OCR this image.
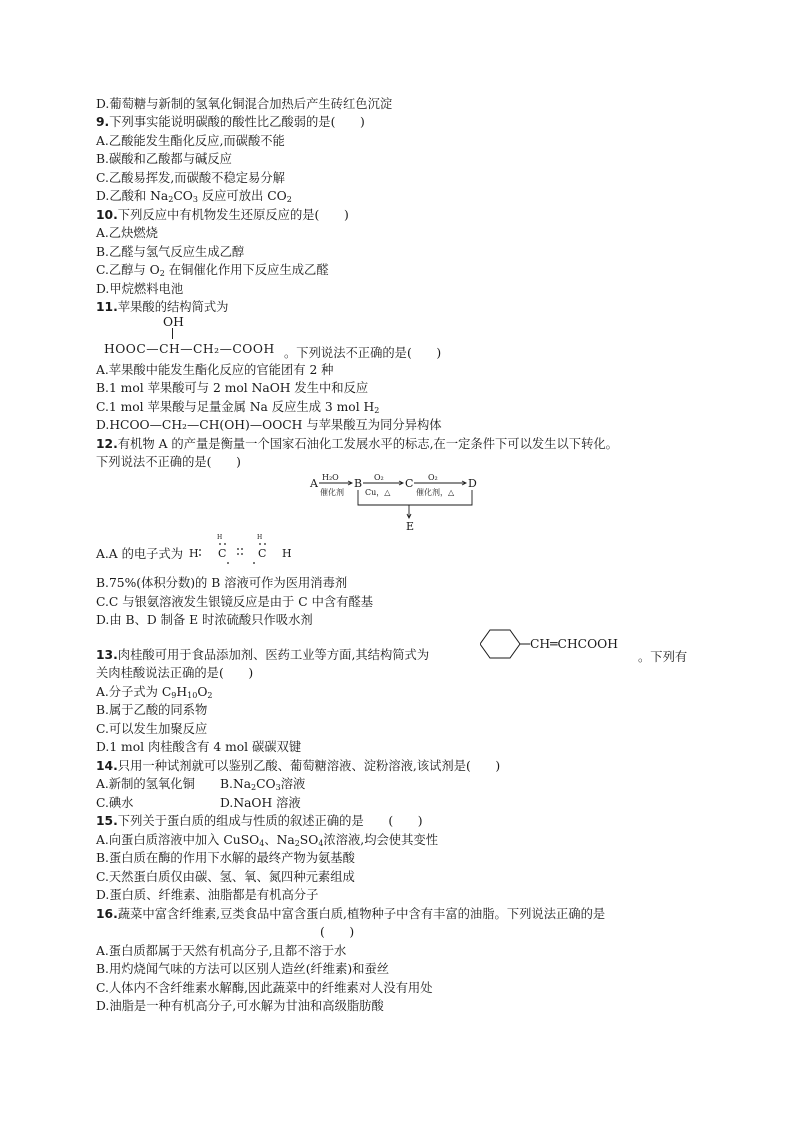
D.葡萄糖与新制的氢氧化铜混合加热后产生砖红色沉淀
9.下列事实能说明碳酸的酸性比乙酸弱的是(　　)
A.乙酸能发生酯化反应,而碳酸不能
B.碳酸和乙酸都与碱反应
C.乙酸易挥发,而碳酸不稳定易分解
D.乙酸和 $Na_2CO_3$ 反应可放出 $CO_2$
10.下列反应中有机物发生还原反应的是(　　)
A.乙炔燃烧
B.乙醛与氢气反应生成乙醇
C.乙醇与 $O_2$ 在铜催化作用下反应生成乙醛
D.甲烷燃料电池
11.苹果酸的结构简式为
OH
HOOC—CH—CH₂—COOH 。下列说法不正确的是(　　)
A.苹果酸中能发生酯化反应的官能团有 2 种
B.1 mol 苹果酸可与 2 mol NaOH 发生中和反应
C.1 mol 苹果酸与足量金属 Na 反应生成 3 mol $H_2$
D.HCOO—CH₂—CH(OH)—OOCH 与苹果酸互为同分异构体
12.有机物 A 的产量是衡量一个国家石油化工发展水平的标志,在一定条件下可以发生以下转化。
下列说法不正确的是(　　)
A H₂O
催化剂
B O₂
Cu，△
C O₂
催化剂，△
D
E
A.A 的电子式为 H C	C H
H	H
B.75%(体积分数)的 B 溶液可作为医用消毒剂
C.C 与银氨溶液发生银镜反应是由于 C 中含有醛基
D.由 B、D 制备 E 时浓硫酸只作吸水剂
13.肉桂酸可用于食品添加剂、医药工业等方面,其结构简式为
CH═CHCOOH
。下列有
关肉桂酸说法正确的是(　　)
A.分子式为 $C_9H_{10}O_2$
B.属于乙酸的同系物
C.可以发生加聚反应
D.1 mol 肉桂酸含有 4 mol 碳碳双键
14.只用一种试剂就可以鉴别乙酸、葡萄糖溶液、淀粉溶液,该试剂是(　　)
A.新制的氢氧化铜 $B.Na_2CO_3$溶液
C.碘水	D.NaOH 溶液
15.下列关于蛋白质的组成与性质的叙述正确的是　　(　　)
A.向蛋白质溶液中加入 CuSO$_4$、$Na_2SO_4$浓溶液,均会使其变性
B.蛋白质在酶的作用下水解的最终产物为氨基酸
C.天然蛋白质仅由碳、氢、氧、氮四种元素组成
D.蛋白质、纤维素、油脂都是有机高分子
16.蔬菜中富含纤维素,豆类食品中富含蛋白质,植物种子中含有丰富的油脂。下列说法正确的是
(　　)
A.蛋白质都属于天然有机高分子,且都不溶于水
B.用灼烧闻气味的方法可以区别人造丝(纤维素)和蚕丝
C.人体内不含纤维素水解酶,因此蔬菜中的纤维素对人没有用处
D.油脂是一种有机高分子,可水解为甘油和高级脂肪酸
